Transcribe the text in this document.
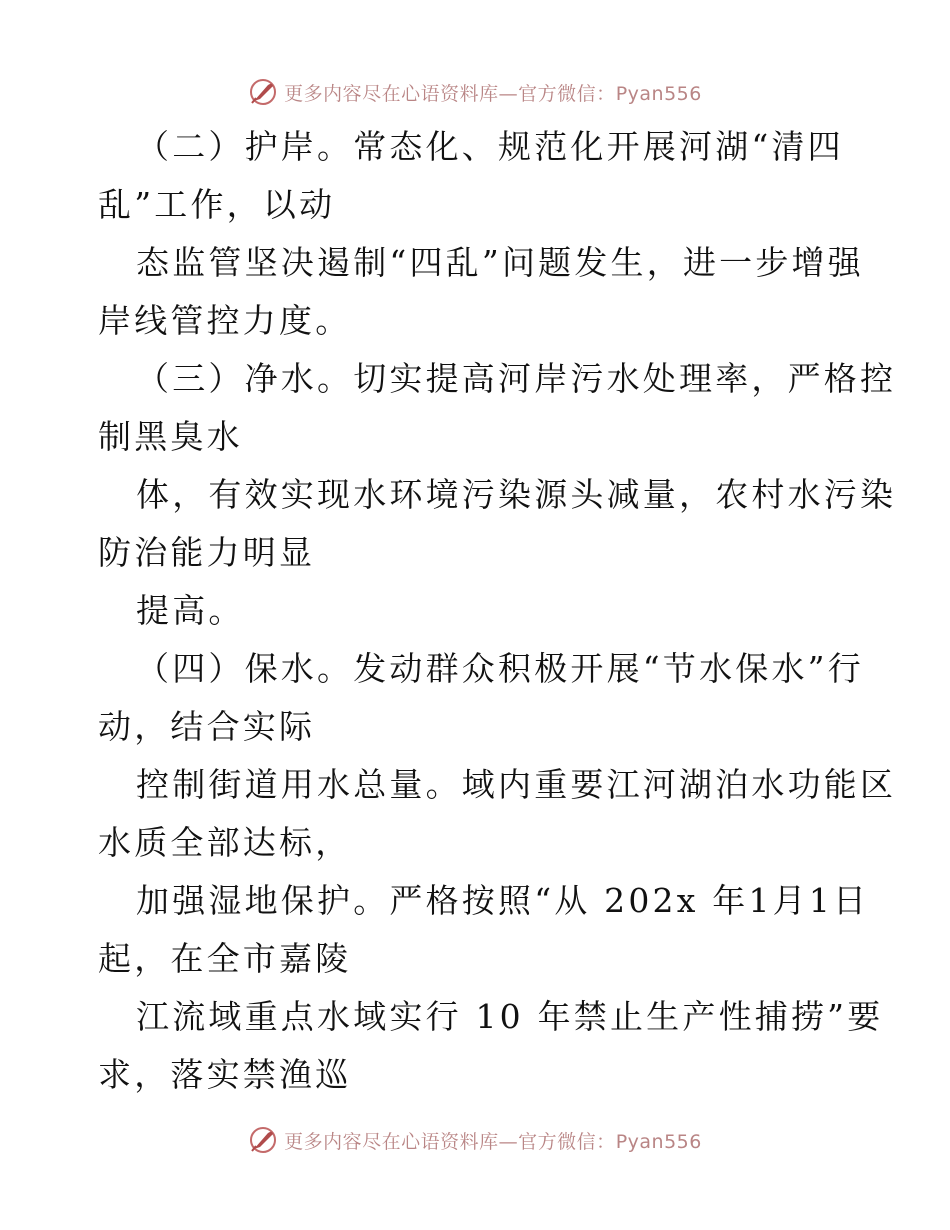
更多内容尽在心语资料库—官方微信：Pyan556
（二）护岸。常态化、规范化开展河湖“清四
乱”工作，以动
态监管坚决遏制“四乱”问题发生，进一步增强
岸线管控力度。
（三）净水。切实提高河岸污水处理率，严格控
制黑臭水
体，有效实现水环境污染源头减量，农村水污染
防治能力明显
提高。
（四）保水。发动群众积极开展“节水保水”行
动，结合实际
控制街道用水总量。域内重要江河湖泊水功能区
水质全部达标，
加强湿地保护。严格按照“从 202x 年1月1日
起，在全市嘉陵
江流域重点水域实行 10 年禁止生产性捕捞”要
求，落实禁渔巡
更多内容尽在心语资料库—官方微信：Pyan556
